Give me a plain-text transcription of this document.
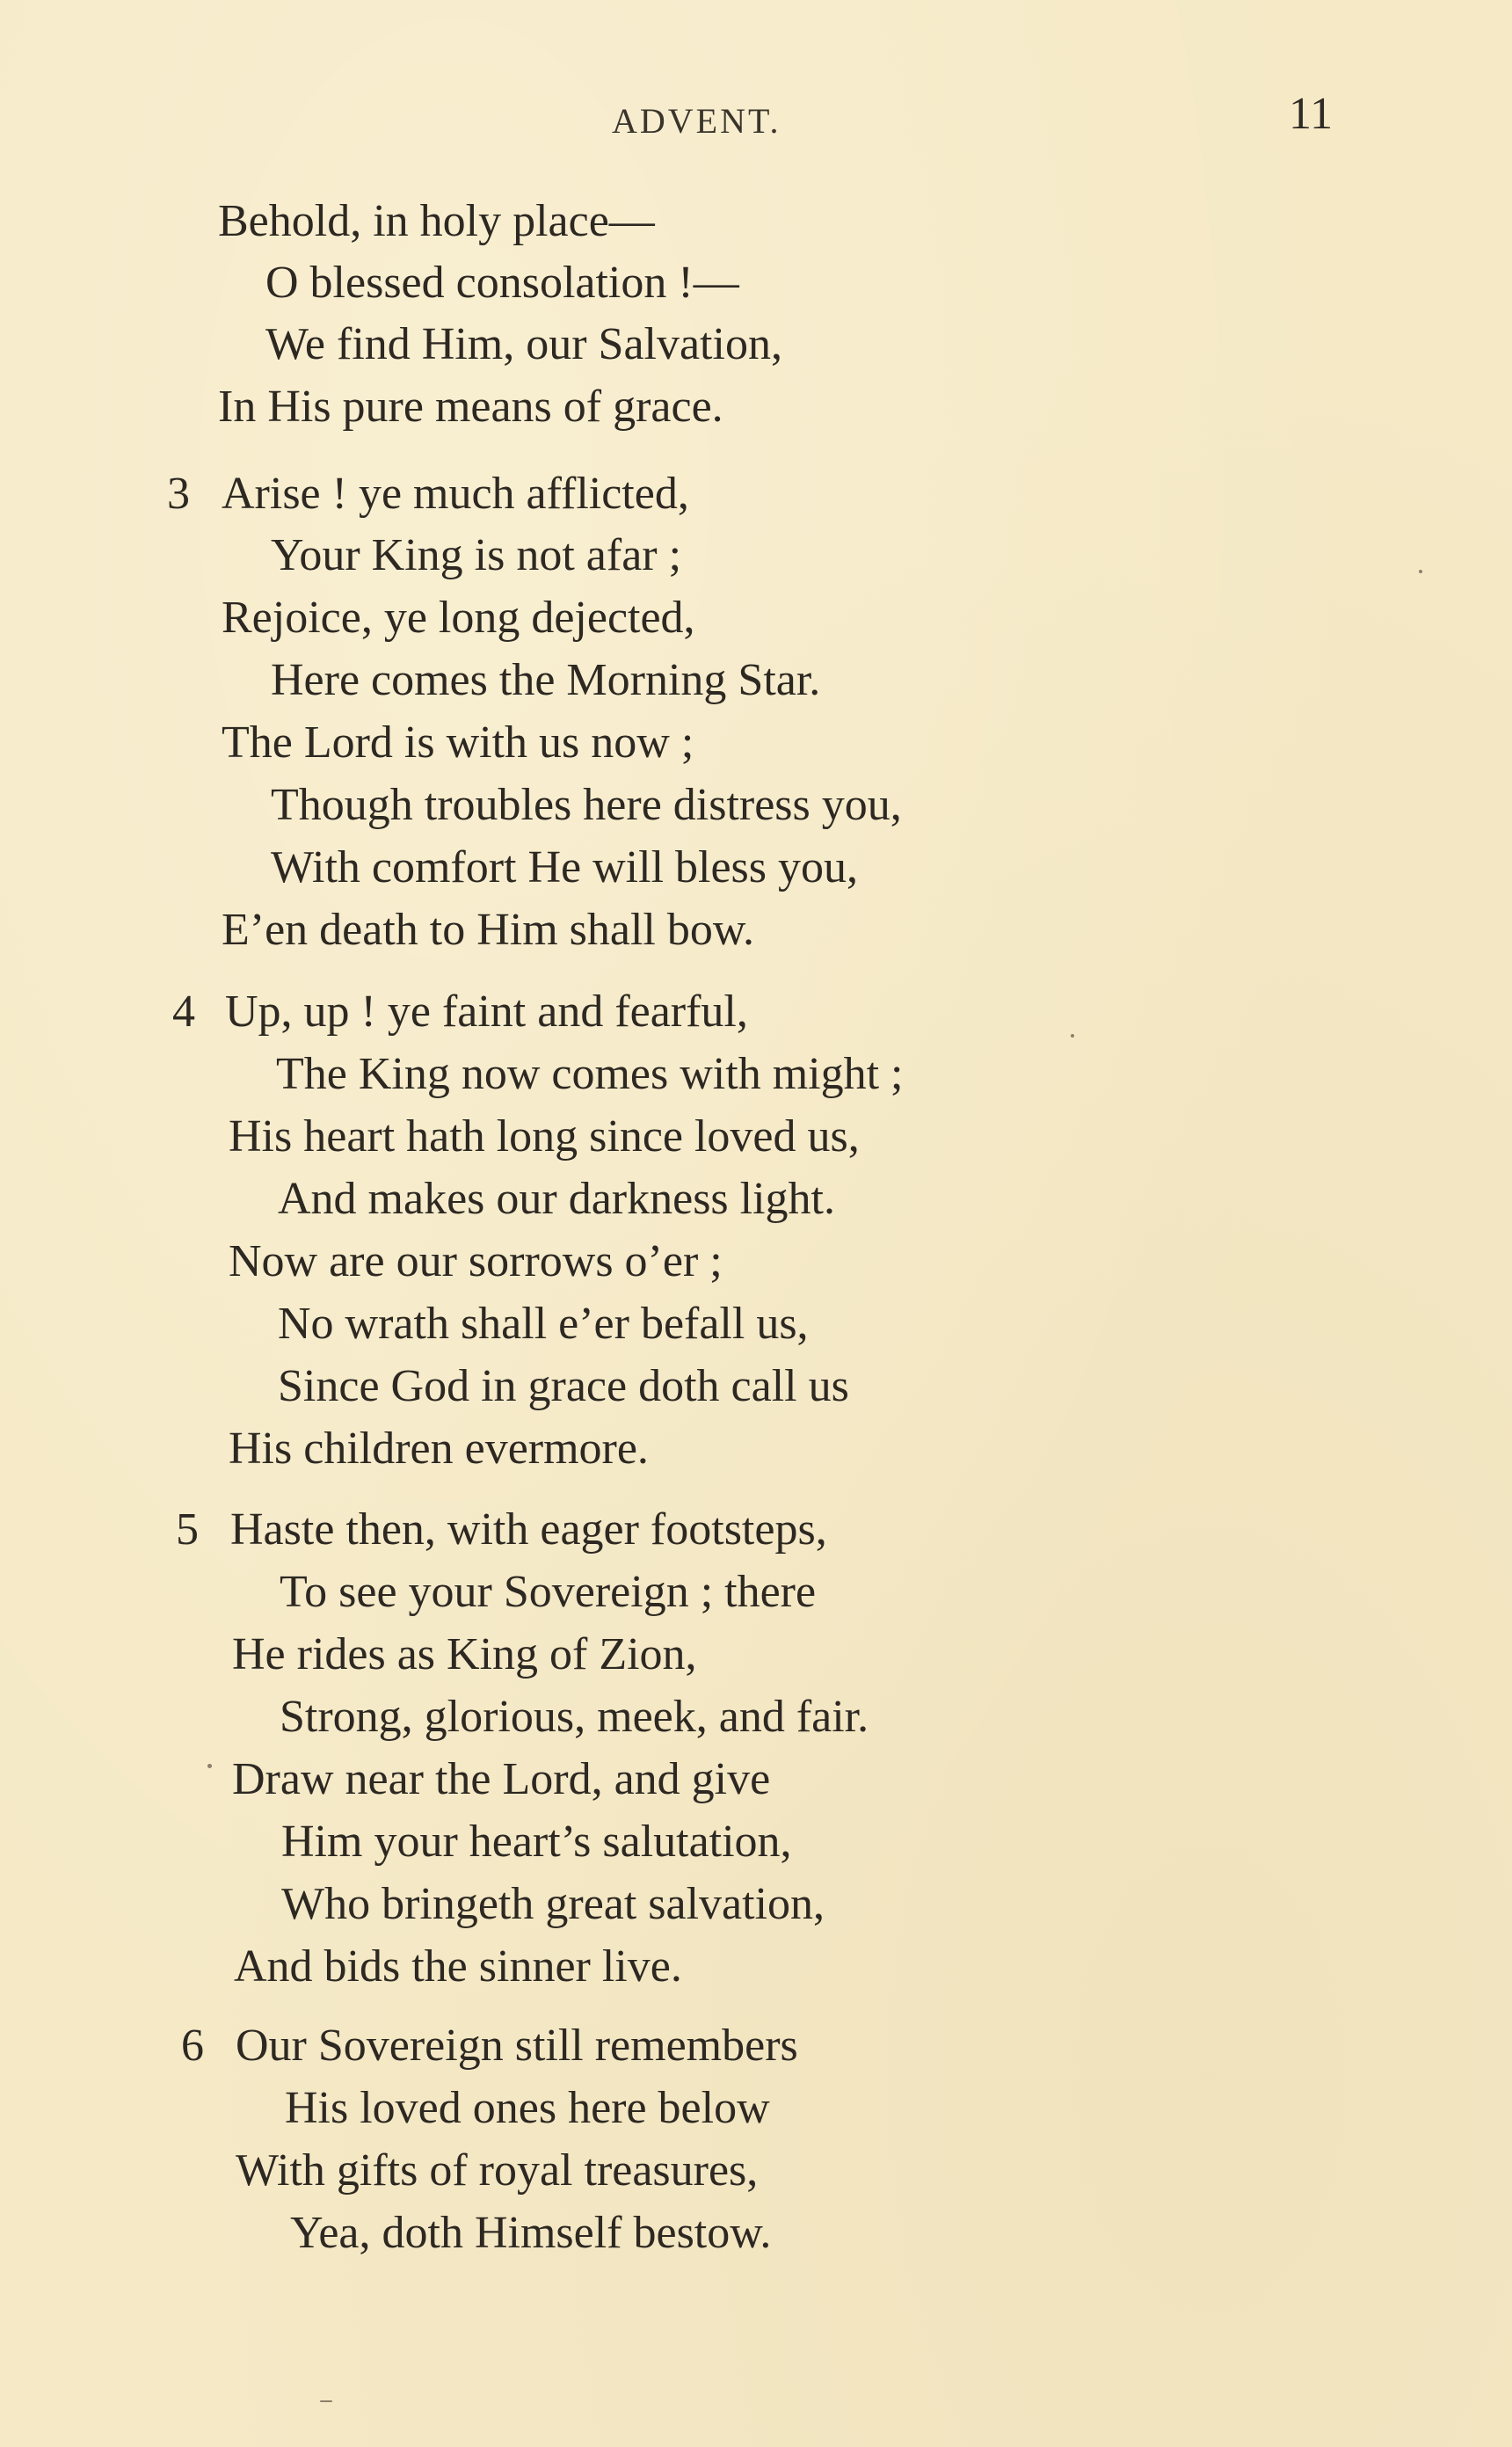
ADVENT.	11
Behold, in holy place—
O blessed consolation !—
We find Him, our Salvation,
In His pure means of grace.
3 Arise ! ye much afflicted,
Your King is not afar ;
Rejoice, ye long dejected,
Here comes the Morning Star.
The Lord is with us now ;
Though troubles here distress you,
With comfort He will bless you,
E’en death to Him shall bow.
4 Up, up ! ye faint and fearful,
The King now comes with might ;
His heart hath long since loved us,
And makes our darkness light.
Now are our sorrows o’er ;
No wrath shall e’er befall us,
Since God in grace doth call us
His children evermore.
5 Haste then, with eager footsteps,
To see your Sovereign ; there
He rides as King of Zion,
Strong, glorious, meek, and fair.
Draw near the Lord, and give
Him your heart’s salutation,
Who bringeth great salvation,
And bids the sinner live.
6 Our Sovereign still remembers
His loved ones here below
With gifts of royal treasures,
Yea, doth Himself bestow.
